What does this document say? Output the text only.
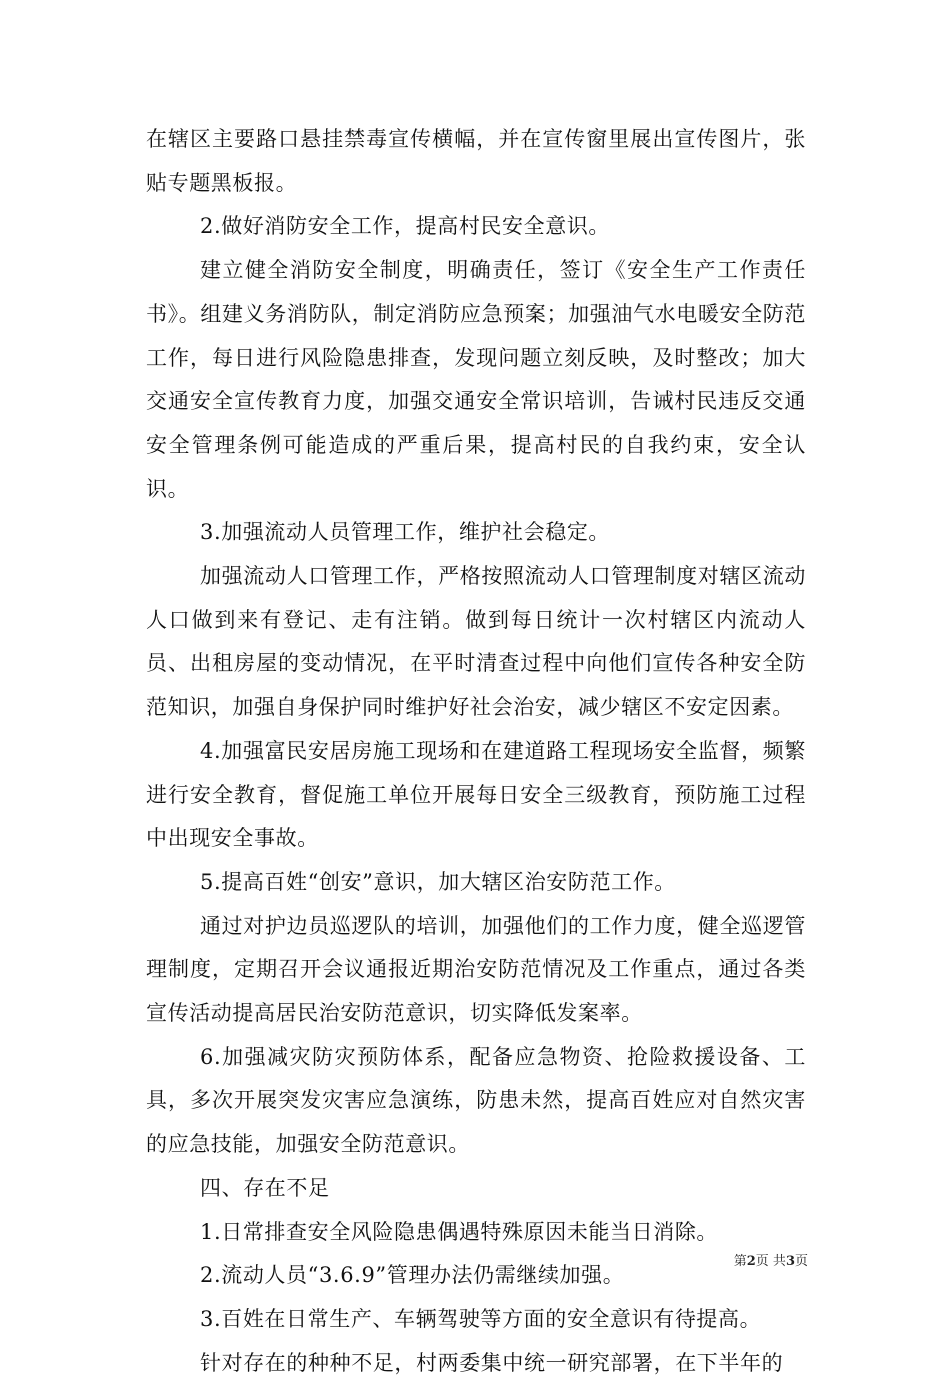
在辖区主要路口悬挂禁毒宣传横幅，并在宣传窗里展出宣传图片，张贴专题黑板报。

2.做好消防安全工作，提高村民安全意识。

建立健全消防安全制度，明确责任，签订《安全生产工作责任书》。组建义务消防队，制定消防应急预案；加强油气水电暖安全防范工作，每日进行风险隐患排查，发现问题立刻反映，及时整改；加大交通安全宣传教育力度，加强交通安全常识培训，告诫村民违反交通安全管理条例可能造成的严重后果，提高村民的自我约束，安全认识。

3.加强流动人员管理工作，维护社会稳定。

加强流动人口管理工作，严格按照流动人口管理制度对辖区流动人口做到来有登记、走有注销。做到每日统计一次村辖区内流动人员、出租房屋的变动情况，在平时清查过程中向他们宣传各种安全防范知识，加强自身保护同时维护好社会治安，减少辖区不安定因素。

4.加强富民安居房施工现场和在建道路工程现场安全监督，频繁进行安全教育，督促施工单位开展每日安全三级教育，预防施工过程中出现安全事故。

5.提高百姓“创安”意识，加大辖区治安防范工作。

通过对护边员巡逻队的培训，加强他们的工作力度，健全巡逻管理制度，定期召开会议通报近期治安防范情况及工作重点，通过各类宣传活动提高居民治安防范意识，切实降低发案率。

6.加强减灾防灾预防体系，配备应急物资、抢险救援设备、工具，多次开展突发灾害应急演练，防患未然，提高百姓应对自然灾害的应急技能，加强安全防范意识。

四、存在不足

1.日常排查安全风险隐患偶遇特殊原因未能当日消除。

2.流动人员“3.6.9”管理办法仍需继续加强。

3.百姓在日常生产、车辆驾驶等方面的安全意识有待提高。

针对存在的种种不足，村两委集中统一研究部署，在下半年的

第2页 共3页
